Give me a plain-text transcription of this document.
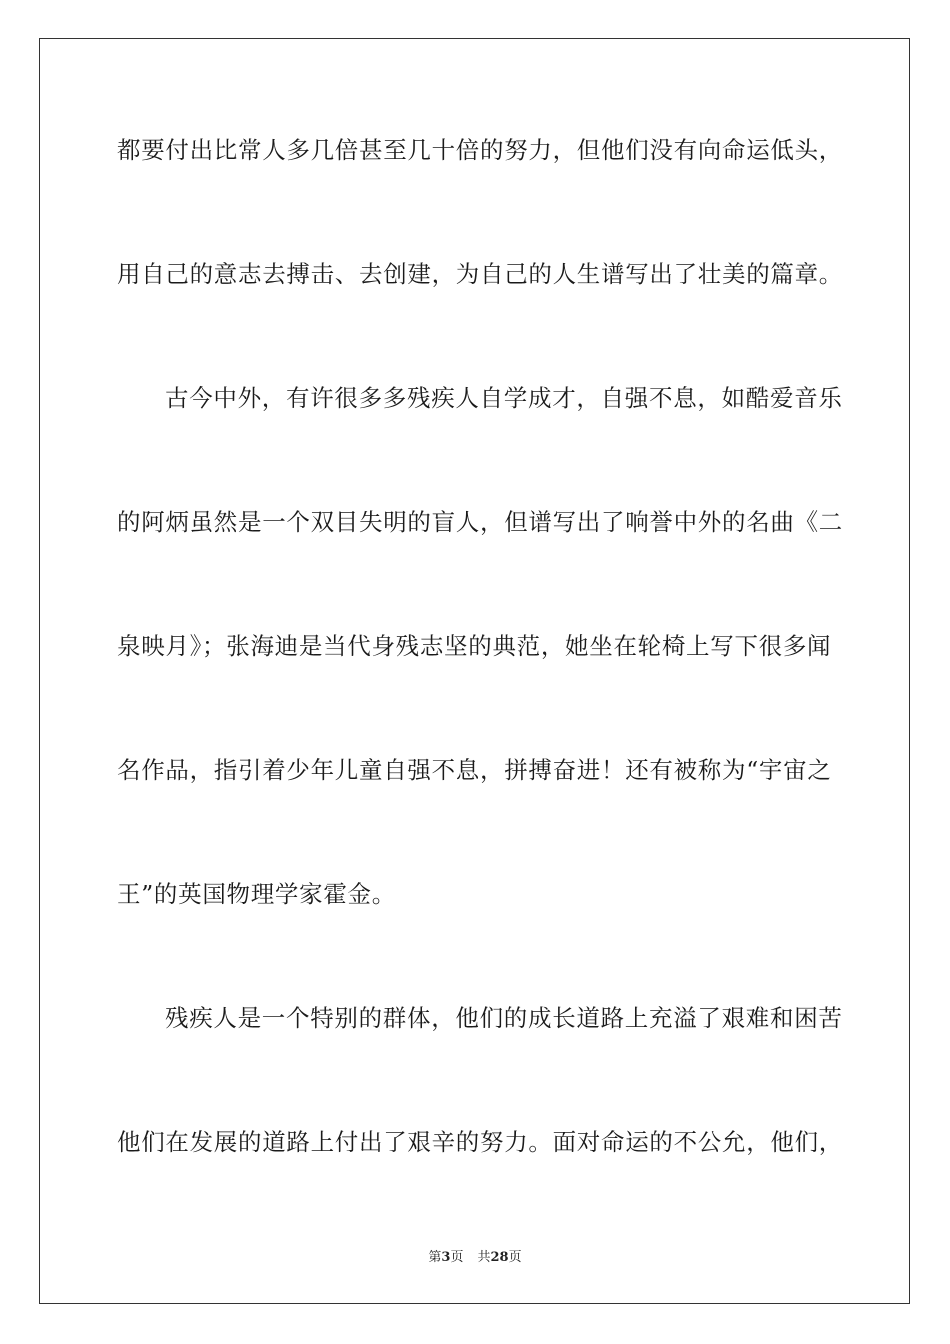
都要付出比常人多几倍甚至几十倍的努力，但他们没有向命运低头，
用自己的意志去搏击、去创建，为自己的人生谱写出了壮美的篇章。
古今中外，有许很多多残疾人自学成才，自强不息，如酷爱音乐
的阿炳虽然是一个双目失明的盲人，但谱写出了响誉中外的名曲《二
泉映月》；张海迪是当代身残志坚的典范，她坐在轮椅上写下很多闻
名作品，指引着少年儿童自强不息，拼搏奋进！还有被称为“宇宙之
王”的英国物理学家霍金。
残疾人是一个特别的群体，他们的成长道路上充溢了艰难和困苦
他们在发展的道路上付出了艰辛的努力。面对命运的不公允，他们，
第3页 共28页
